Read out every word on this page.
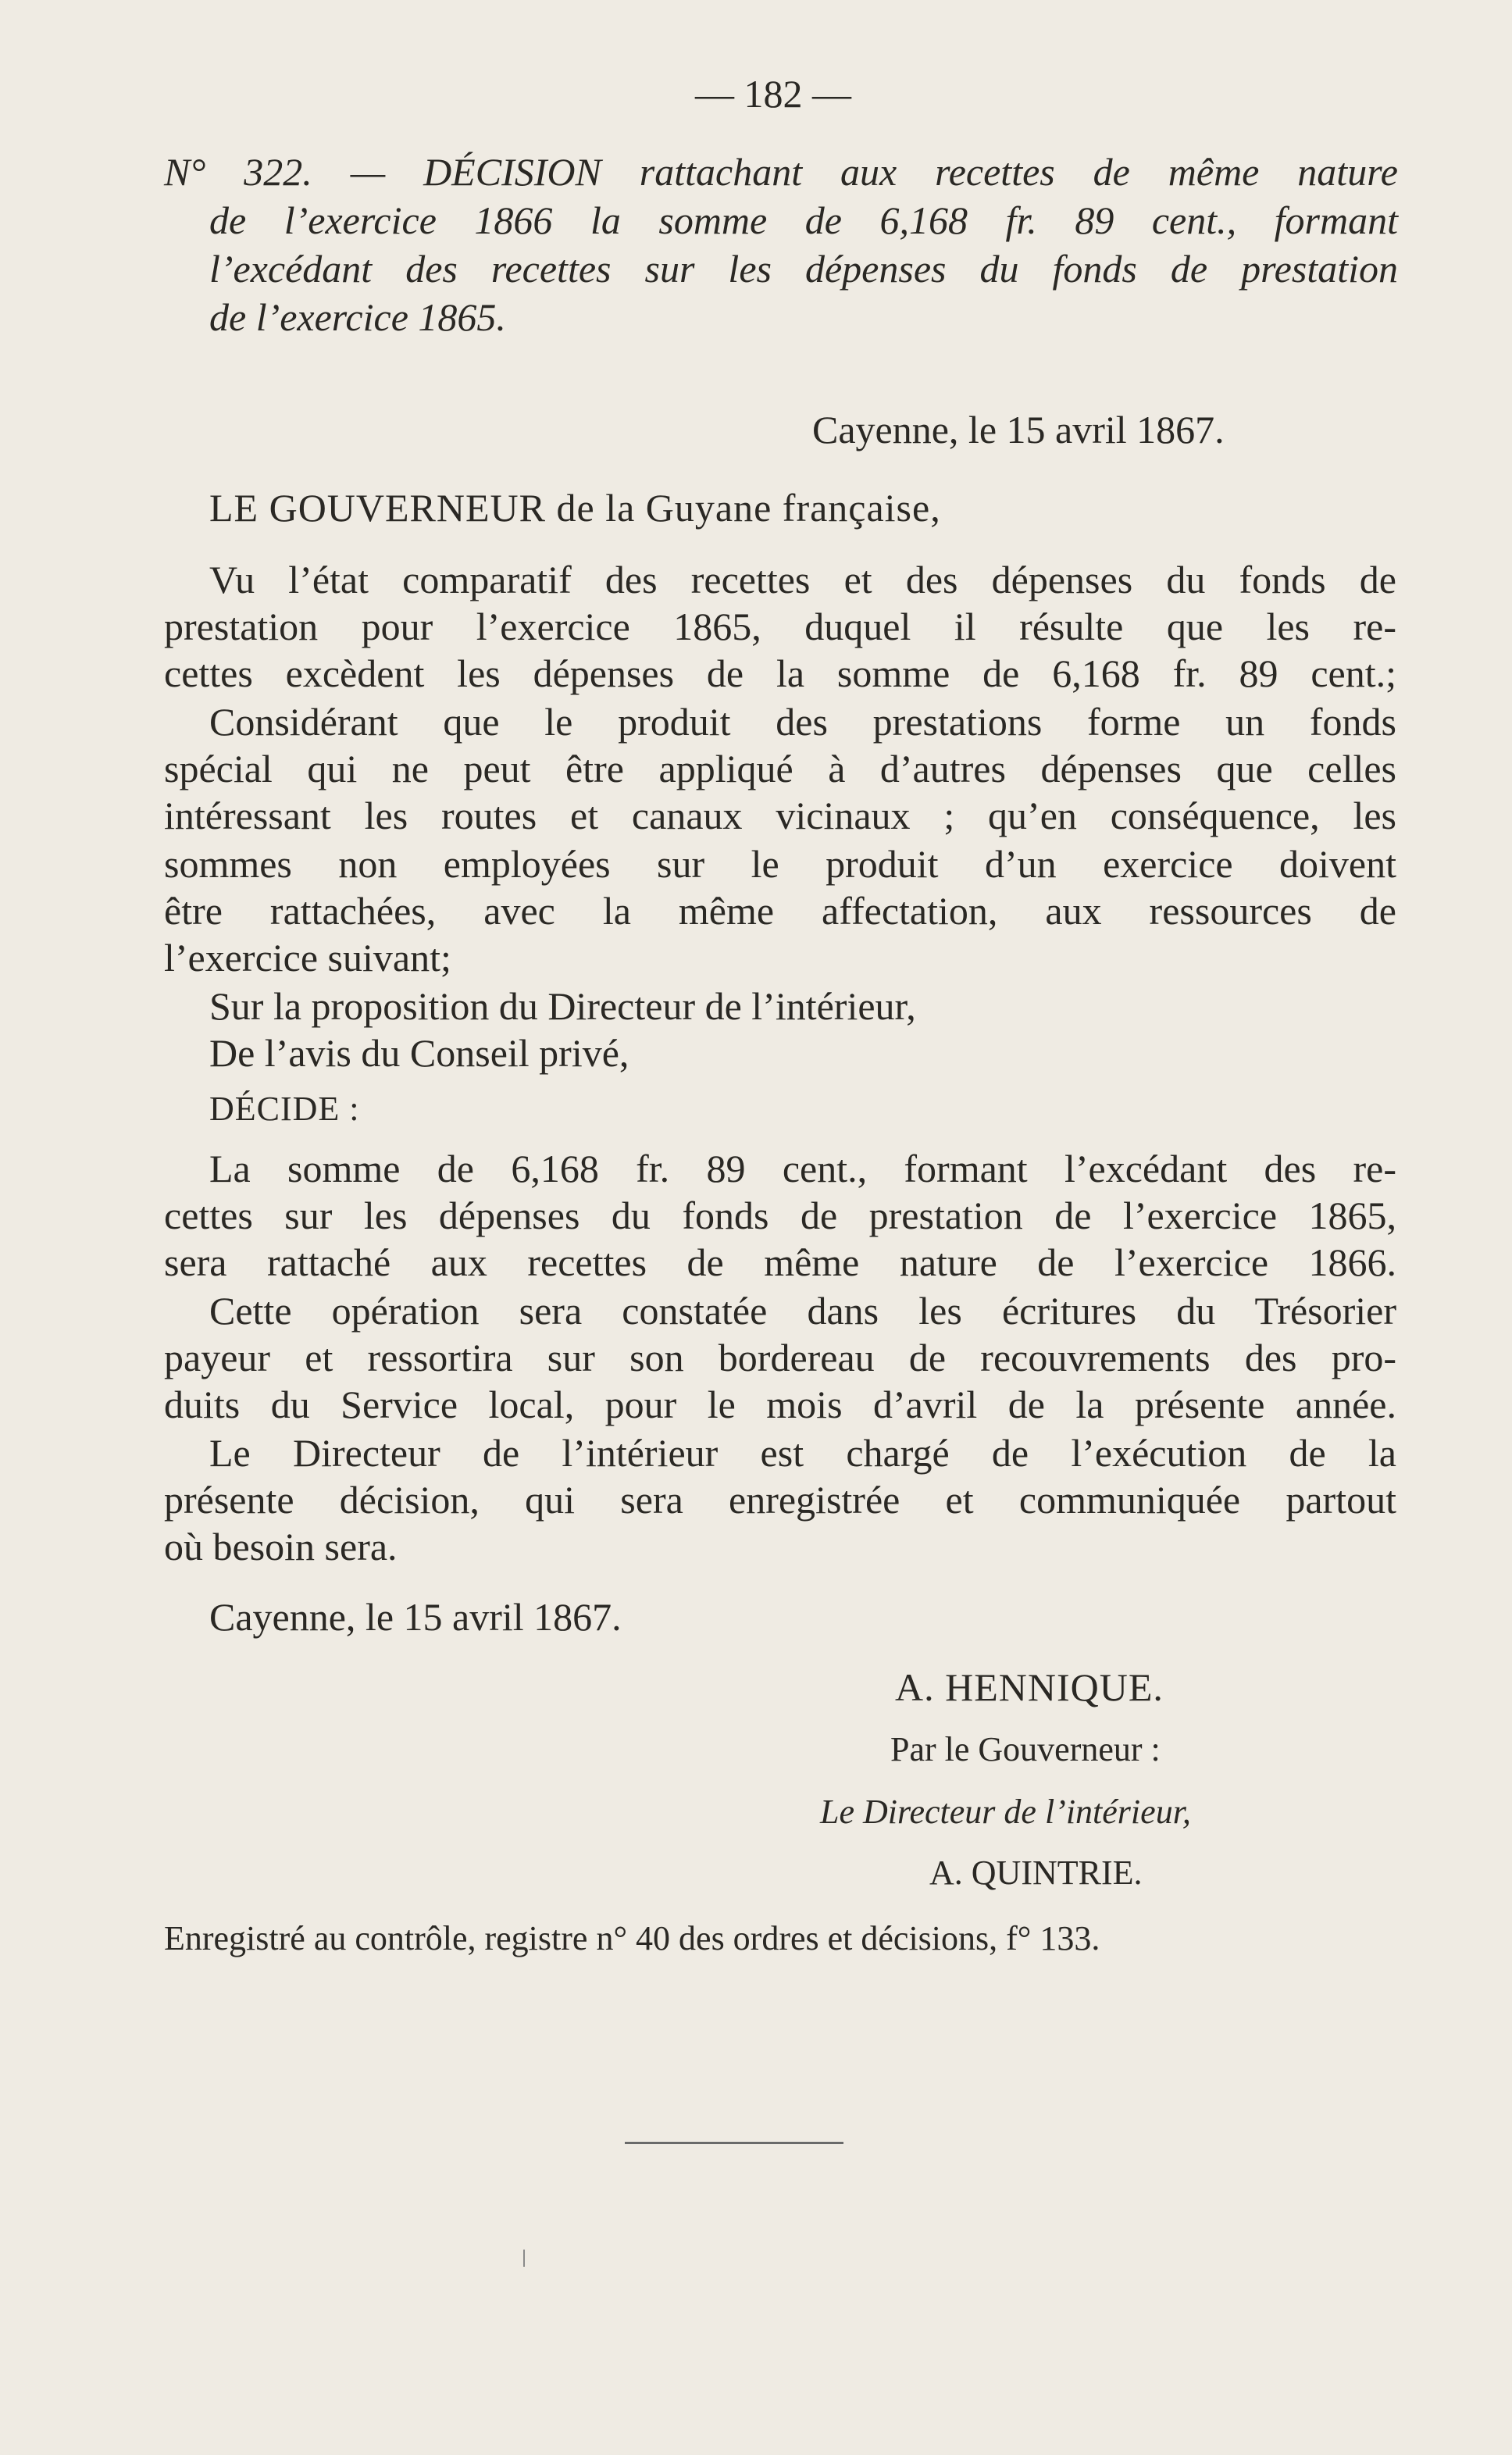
— 182 —
N° 322. — DÉCISION rattachant aux recettes de même nature
de l’exercice 1866 la somme de 6,168 fr. 89 cent., formant
l’excédant des recettes sur les dépenses du fonds de prestation
de l’exercice 1865.
Cayenne, le 15 avril 1867.
LE GOUVERNEUR de la Guyane française,
Vu l’état comparatif des recettes et des dépenses du fonds de
prestation pour l’exercice 1865, duquel il résulte que les re-
cettes excèdent les dépenses de la somme de 6,168 fr. 89 cent.;
Considérant que le produit des prestations forme un fonds
spécial qui ne peut être appliqué à d’autres dépenses que celles
intéressant les routes et canaux vicinaux ; qu’en conséquence, les
sommes non employées sur le produit d’un exercice doivent
être rattachées, avec la même affectation, aux ressources de
l’exercice suivant;
Sur la proposition du Directeur de l’intérieur,
De l’avis du Conseil privé,
DÉCIDE :
La somme de 6,168 fr. 89 cent., formant l’excédant des re-
cettes sur les dépenses du fonds de prestation de l’exercice 1865,
sera rattaché aux recettes de même nature de l’exercice 1866.
Cette opération sera constatée dans les écritures du Trésorier
payeur et ressortira sur son bordereau de recouvrements des pro-
duits du Service local, pour le mois d’avril de la présente année.
Le Directeur de l’intérieur est chargé de l’exécution de la
présente décision, qui sera enregistrée et communiquée partout
où besoin sera.
Cayenne, le 15 avril 1867.
A. HENNIQUE.
Par le Gouverneur :
Le Directeur de l’intérieur,
A. QUINTRIE.
Enregistré au contrôle, registre n° 40 des ordres et décisions, f° 133.
